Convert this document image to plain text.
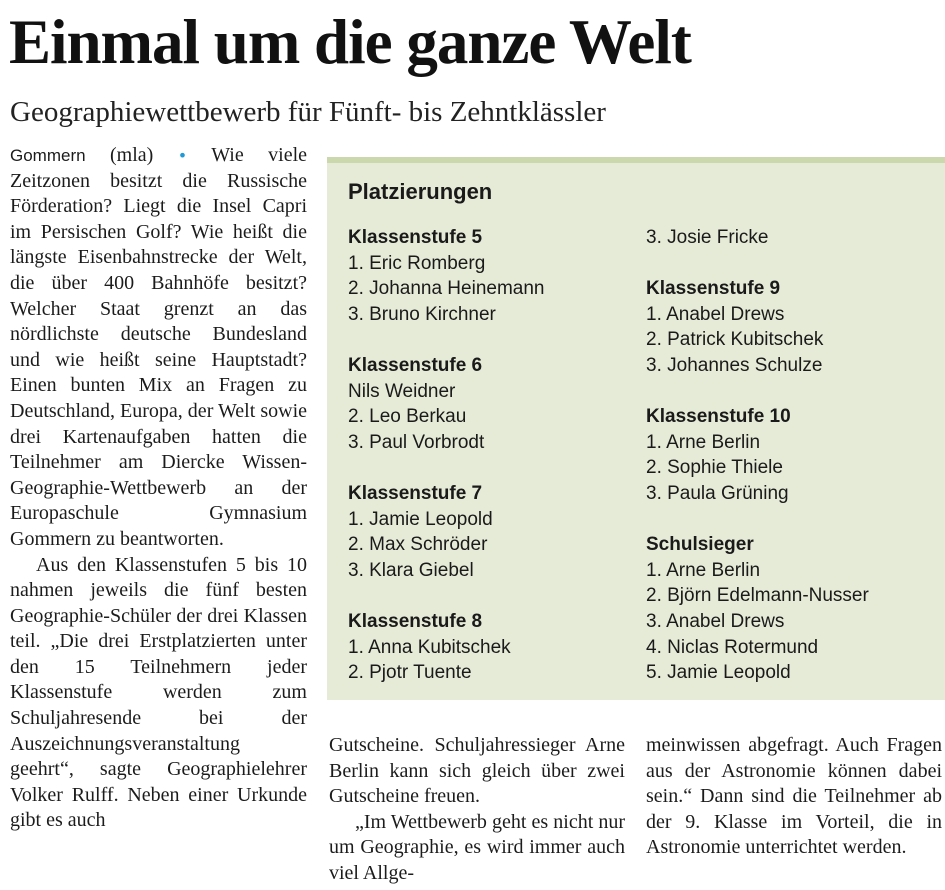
Einmal um die ganze Welt
Geographiewettbewerb für Fünft- bis Zehntklässler

Gommern (mla) • Wie viele Zeitzonen besitzt die Russische Förderation? Liegt die Insel Capri im Persischen Golf? Wie heißt die längste Eisenbahnstrecke der Welt, die über 400 Bahnhöfe besitzt? Welcher Staat grenzt an das nördlichste deutsche Bundesland und wie heißt seine Hauptstadt? Einen bunten Mix an Fragen zu Deutschland, Europa, der Welt sowie drei Kartenaufgaben hatten die Teilnehmer am Diercke Wissen-Geographie-Wettbewerb an der Europaschule Gymnasium Gommern zu beantworten.

Aus den Klassenstufen 5 bis 10 nahmen jeweils die fünf besten Geographie-Schüler der drei Klassen teil. „Die drei Erstplatzierten unter den 15 Teilnehmern jeder Klassenstufe werden zum Schuljahresende bei der Auszeichnungsveranstaltung geehrt“, sagte Geographielehrer Volker Rulff. Neben einer Urkunde gibt es auch

Platzierungen
Klassenstufe 5
1. Eric Romberg
2. Johanna Heinemann
3. Bruno Kirchner
Klassenstufe 6
Nils Weidner
2. Leo Berkau
3. Paul Vorbrodt
Klassenstufe 7
1. Jamie Leopold
2. Max Schröder
3. Klara Giebel
Klassenstufe 8
1. Anna Kubitschek
2. Pjotr Tuente
3. Josie Fricke
Klassenstufe 9
1. Anabel Drews
2. Patrick Kubitschek
3. Johannes Schulze
Klassenstufe 10
1. Arne Berlin
2. Sophie Thiele
3. Paula Grüning
Schulsieger
1. Arne Berlin
2. Björn Edelmann-Nusser
3. Anabel Drews
4. Niclas Rotermund
5. Jamie Leopold

Gutscheine. Schuljahressieger Arne Berlin kann sich gleich über zwei Gutscheine freuen.

„Im Wettbewerb geht es nicht nur um Geographie, es wird immer auch viel Allge-

meinwissen abgefragt. Auch Fragen aus der Astronomie können dabei sein.“ Dann sind die Teilnehmer ab der 9. Klasse im Vorteil, die in Astronomie unterrichtet werden.
